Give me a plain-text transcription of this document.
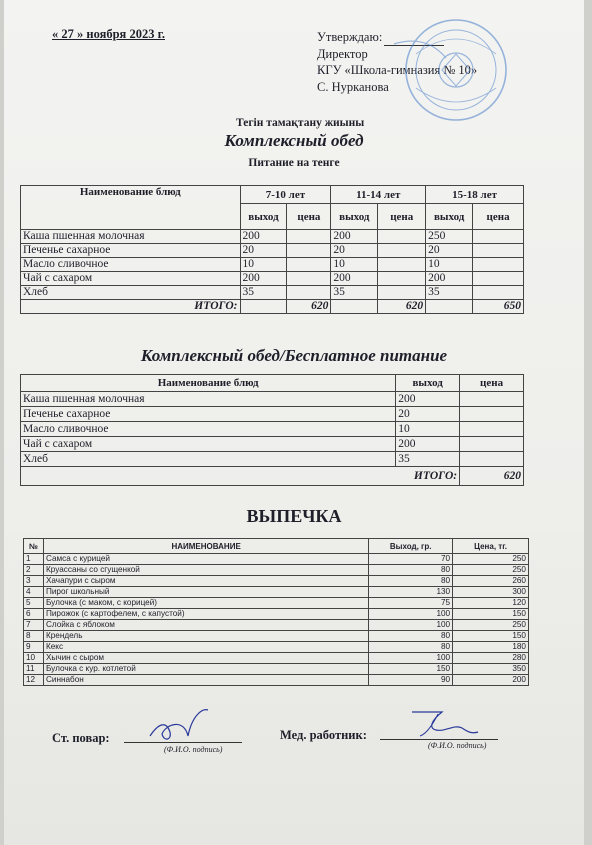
« 27 » ноября 2023 г.	Утверждаю:
Директор
КГУ «Школа-гимназия № 10»
С. Нурканова
Тегін тамақтану жиыны
Комплексный обед
Питание на тенге
Наименование блюд	7-10 лет		11-14 лет		15-18 лет	
	выход	цена	выход	цена	выход	цена
Каша пшенная молочная	200		200		250	
Печенье сахарное	20		20		20	
Масло сливочное	10		10		10	
Чай с сахаром	200		200		200	
Хлеб	35		35		35	
ИТОГО:		620		620		650
Комплексный обед/Бесплатное питание
Наименование блюд	выход	цена
Каша пшенная молочная	200	
Печенье сахарное	20	
Масло сливочное	10	
Чай с сахаром	200	
Хлеб	35	
ИТОГО:		620
ВЫПЕЧКА
№	НАИМЕНОВАНИЕ	Выход, гр.	Цена, тг.
1	Самса с курицей	70	250
2	Круассаны со сгущенкой	80	250
3	Хачапури с сыром	80	260
4	Пирог школьный	130	300
5	Булочка (с маком, с корицей)	75	120
6	Пирожок (с картофелем, с капустой)	100	150
7	Слойка с яблоком	100	250
8	Крендель	80	150
9	Кекс	80	180
10	Хычин с сыром	100	280
11	Булочка с кур. котлетой	150	350
12	Синнабон	90	200
Ст. повар:
(Ф.И.О. подпись)
Мед. работник:
(Ф.И.О. подпись)
